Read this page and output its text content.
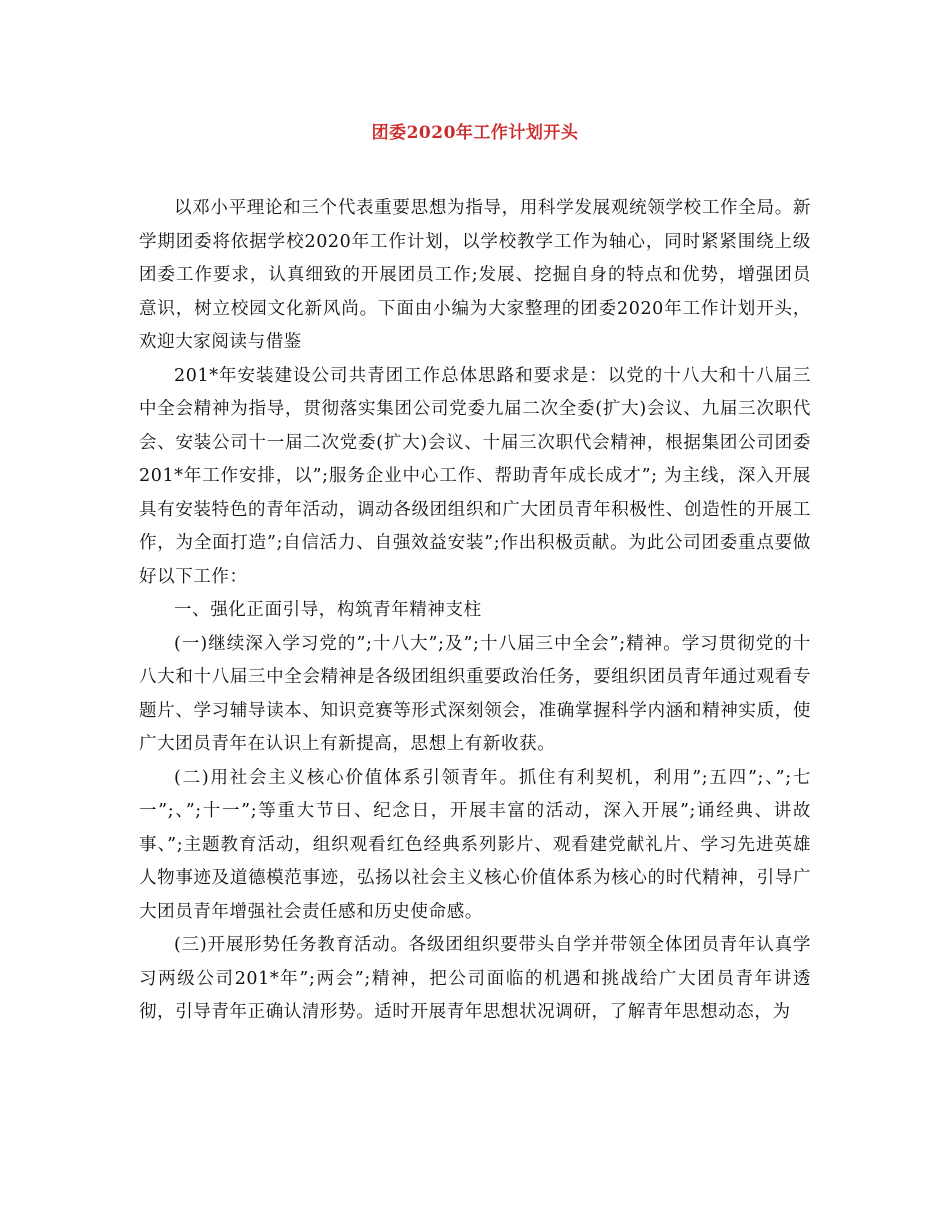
团委2020年工作计划开头

以邓小平理论和三个代表重要思想为指导，用科学发展观统领学校工作全局。新学期团委将依据学校2020年工作计划，以学校教学工作为轴心，同时紧紧围绕上级团委工作要求，认真细致的开展团员工作;发展、挖掘自身的特点和优势，增强团员意识，树立校园文化新风尚。下面由小编为大家整理的团委2020年工作计划开头，欢迎大家阅读与借鉴

201*年安装建设公司共青团工作总体思路和要求是：以党的十八大和十八届三中全会精神为指导，贯彻落实集团公司党委九届二次全委(扩大)会议、九届三次职代会、安装公司十一届二次党委(扩大)会议、十届三次职代会精神，根据集团公司团委201*年工作安排，以”;服务企业中心工作、帮助青年成长成才”; 为主线，深入开展具有安装特色的青年活动，调动各级团组织和广大团员青年积极性、创造性的开展工作，为全面打造”;自信活力、自强效益安装”;作出积极贡献。为此公司团委重点要做好以下工作：

一、强化正面引导，构筑青年精神支柱

(一)继续深入学习党的”;十八大”;及”;十八届三中全会”;精神。学习贯彻党的十八大和十八届三中全会精神是各级团组织重要政治任务，要组织团员青年通过观看专题片、学习辅导读本、知识竞赛等形式深刻领会，准确掌握科学内涵和精神实质，使广大团员青年在认识上有新提高，思想上有新收获。

(二)用社会主义核心价值体系引领青年。抓住有利契机，利用”;五四”;、”;七一”;、”;十一”;等重大节日、纪念日，开展丰富的活动，深入开展”;诵经典、讲故事、”;主题教育活动，组织观看红色经典系列影片、观看建党献礼片、学习先进英雄人物事迹及道德模范事迹，弘扬以社会主义核心价值体系为核心的时代精神，引导广大团员青年增强社会责任感和历史使命感。

(三)开展形势任务教育活动。各级团组织要带头自学并带领全体团员青年认真学习两级公司201*年”;两会”;精神，把公司面临的机遇和挑战给广大团员青年讲透彻，引导青年正确认清形势。适时开展青年思想状况调研，了解青年思想动态，为
